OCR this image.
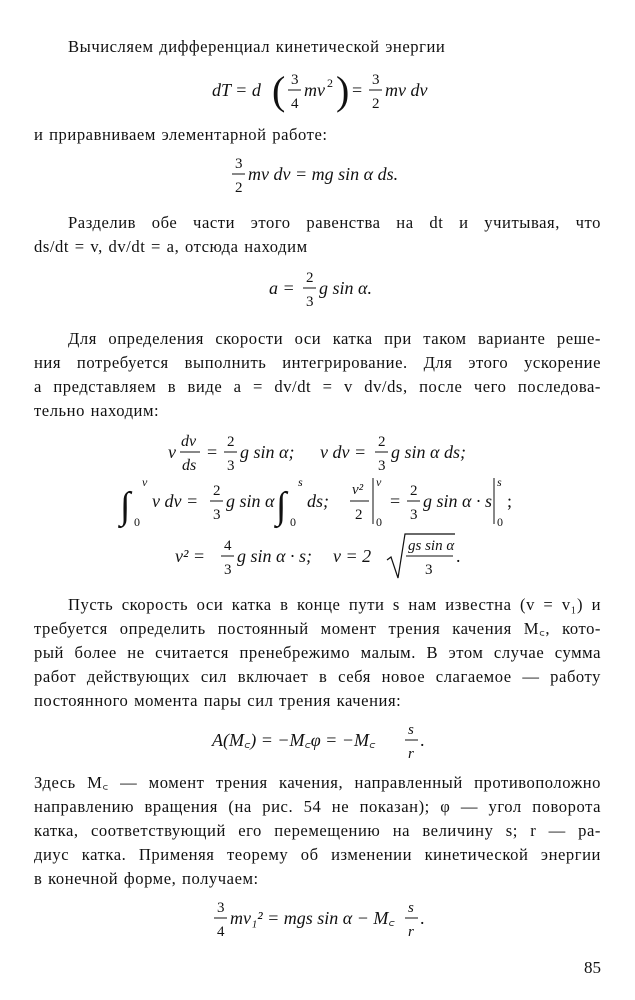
Вычисляем дифференциал кинетической энергии
dT = d ( 3
4
mv 2 ) = 3
2
mv dv
и приравниваем элементарной работе:
3
2
mv dv = mg sin α ds.
Разделив обе части этого равенства на dt и учитывая, что
ds/dt = v, dv/dt = a, отсюда находим
a = 2
3
g sin α.
Для определения скорости оси катка при таком варианте реше-
ния потребуется выполнить интегрирование. Для этого ускорение
a представляем в виде a = dv/dt = v dv/ds, после чего последова-
тельно находим:
v
dv
ds
= 2
3
g sin α; v dv = 2
3
g sin α ds;
∫
v
0
v dv = 2
3
g sin α ∫
s
0
ds;
v²
2
v
0
= 2
3
g sin α · s
s
0
;
v² = 4
3
g sin α · s; v = 2 gs sin α
3
.
Пусть скорость оси катка в конце пути s нам известна (v = v₁) и
требуется определить постоянный момент трения качения M꜀, кото-
рый более не считается пренебрежимо малым. В этом случае сумма
работ действующих сил включает в себя новое слагаемое — работу
постоянного момента пары сил трения качения:
A(M꜀) = −M꜀φ = −M꜀ s
r
.
Здесь M꜀ — момент трения качения, направленный противоположно
направлению вращения (на рис. 54 не показан); φ — угол поворота
катка, соответствующий его перемещению на величину s; r — ра-
диус катка. Применяя теорему об изменении кинетической энергии
в конечной форме, получаем:
3
4
mv₁² = mgs sin α − M꜀ s
r
.
85
